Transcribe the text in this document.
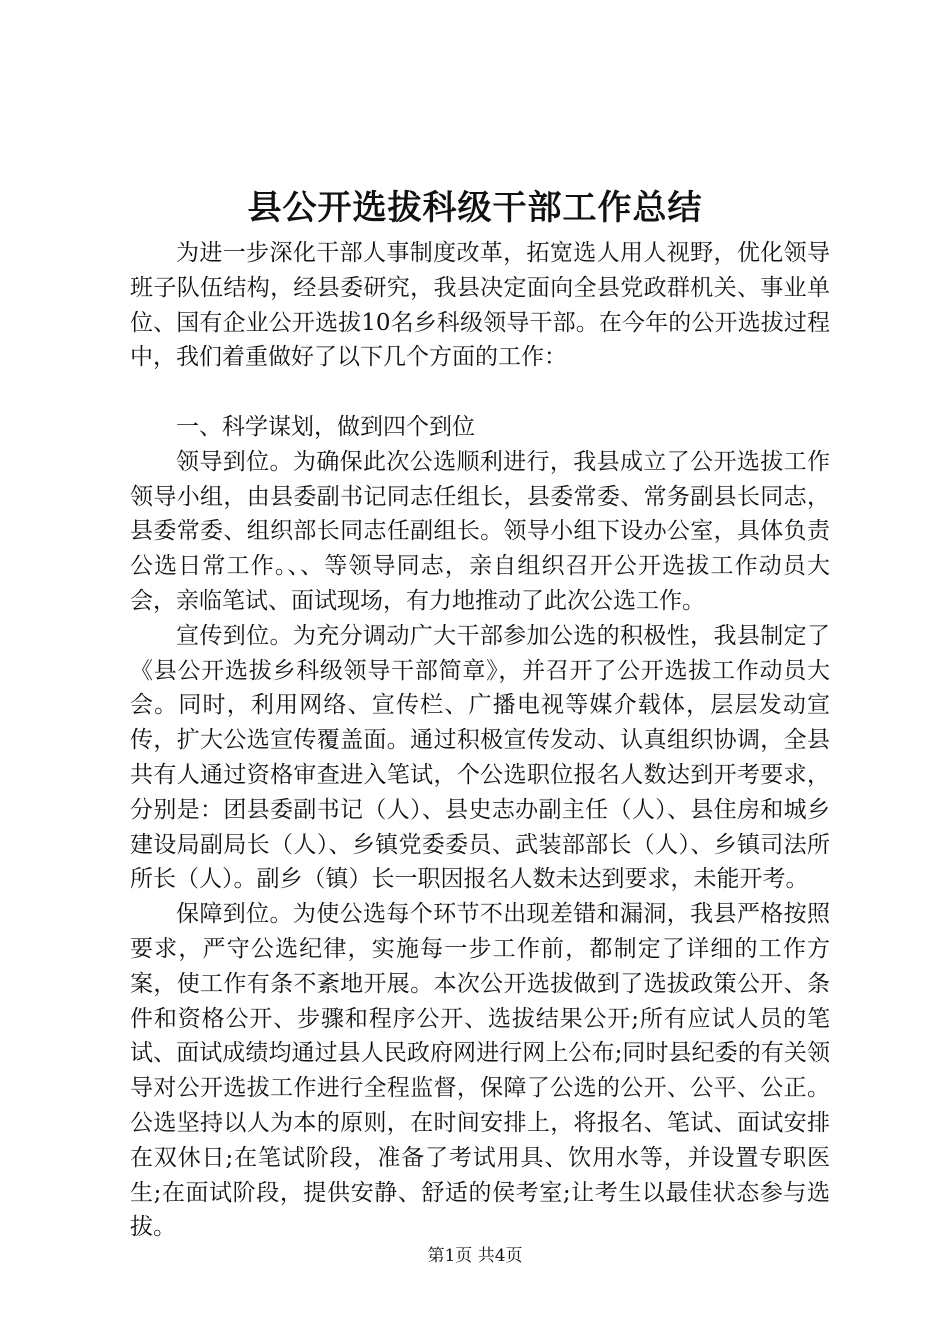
县公开选拔科级干部工作总结

为进一步深化干部人事制度改革，拓宽选人用人视野，优化领导班子队伍结构，经县委研究，我县决定面向全县党政群机关、事业单位、国有企业公开选拔10名乡科级领导干部。在今年的公开选拔过程中，我们着重做好了以下几个方面的工作：

一、科学谋划，做到四个到位

领导到位。为确保此次公选顺利进行，我县成立了公开选拔工作领导小组，由县委副书记同志任组长，县委常委、常务副县长同志，县委常委、组织部长同志任副组长。领导小组下设办公室，具体负责公选日常工作。、、等领导同志，亲自组织召开公开选拔工作动员大会，亲临笔试、面试现场，有力地推动了此次公选工作。

宣传到位。为充分调动广大干部参加公选的积极性，我县制定了《县公开选拔乡科级领导干部简章》，并召开了公开选拔工作动员大会。同时，利用网络、宣传栏、广播电视等媒介载体，层层发动宣传，扩大公选宣传覆盖面。通过积极宣传发动、认真组织协调，全县共有人通过资格审查进入笔试，个公选职位报名人数达到开考要求，分别是：团县委副书记（人）、县史志办副主任（人）、县住房和城乡建设局副局长（人）、乡镇党委委员、武装部部长（人）、乡镇司法所所长（人）。副乡（镇）长一职因报名人数未达到要求，未能开考。

保障到位。为使公选每个环节不出现差错和漏洞，我县严格按照要求，严守公选纪律，实施每一步工作前，都制定了详细的工作方案，使工作有条不紊地开展。本次公开选拔做到了选拔政策公开、条件和资格公开、步骤和程序公开、选拔结果公开;所有应试人员的笔试、面试成绩均通过县人民政府网进行网上公布;同时县纪委的有关领导对公开选拔工作进行全程监督，保障了公选的公开、公平、公正。公选坚持以人为本的原则，在时间安排上，将报名、笔试、面试安排在双休日;在笔试阶段，准备了考试用具、饮用水等，并设置专职医生;在面试阶段，提供安静、舒适的侯考室;让考生以最佳状态参与选拔。

第1页 共4页
